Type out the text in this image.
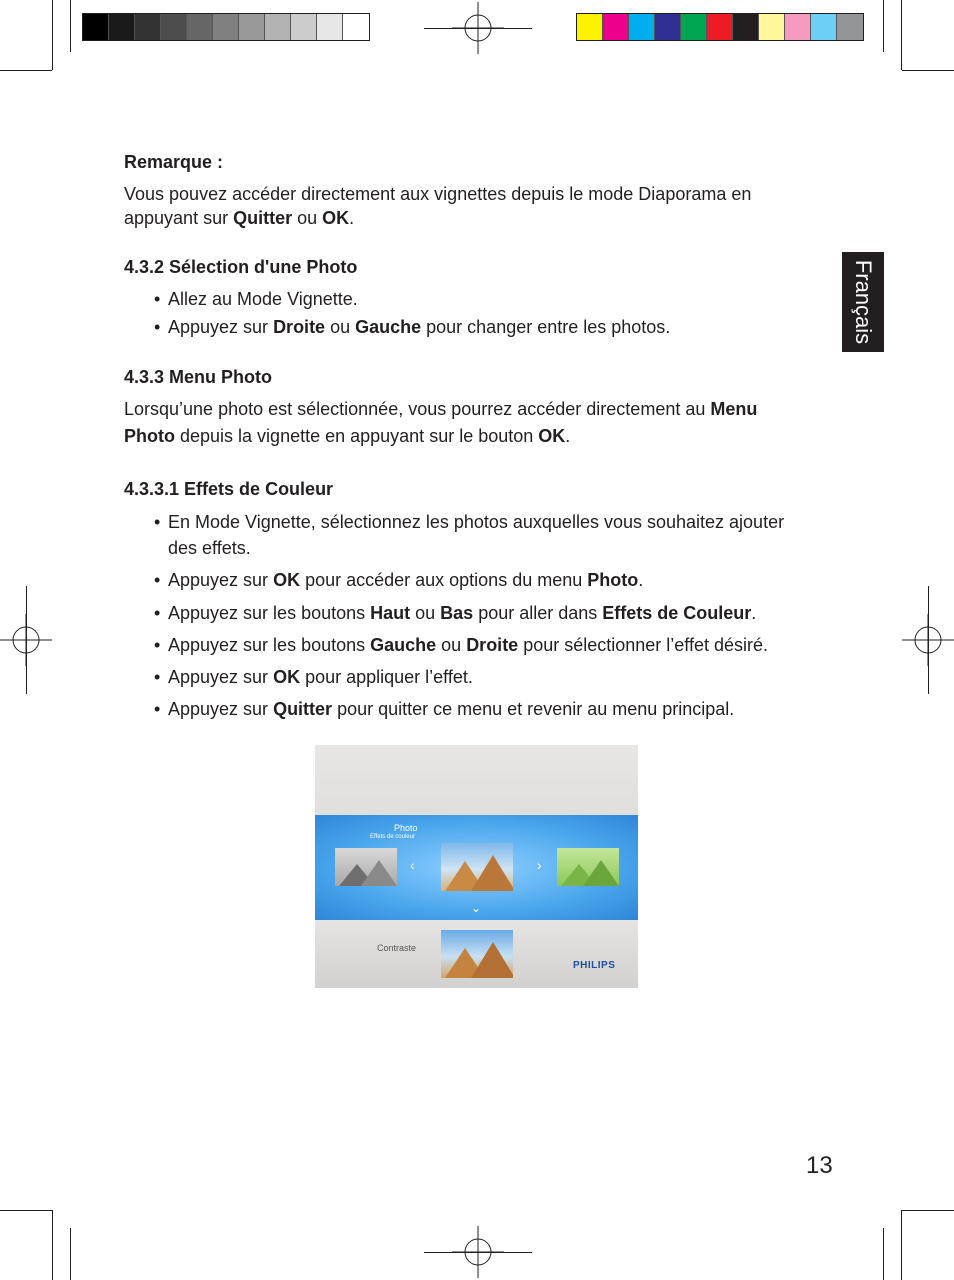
Français
Remarque :
Vous pouvez accéder directement aux vignettes depuis le mode Diaporama en
appuyant sur Quitter ou OK.
4.3.2 Sélection d'une Photo
• Allez au Mode Vignette.
• Appuyez sur Droite ou Gauche pour changer entre les photos.
4.3.3 Menu Photo
Lorsqu’une photo est sélectionnée, vous pourrez accéder directement au Menu
Photo depuis la vignette en appuyant sur le bouton OK.
4.3.3.1 Effets de Couleur
• En Mode Vignette, sélectionnez les photos auxquelles vous souhaitez ajouter
des effets.
• Appuyez sur OK pour accéder aux options du menu Photo.
• Appuyez sur les boutons Haut ou Bas pour aller dans Effets de Couleur.
• Appuyez sur les boutons Gauche ou Droite pour sélectionner l’effet désiré.
• Appuyez sur OK pour appliquer l’effet.
• Appuyez sur Quitter pour quitter ce menu et revenir au menu principal.
Photo
Effets de couleur
‹	›
⌄
Contraste
PHILIPS
13
